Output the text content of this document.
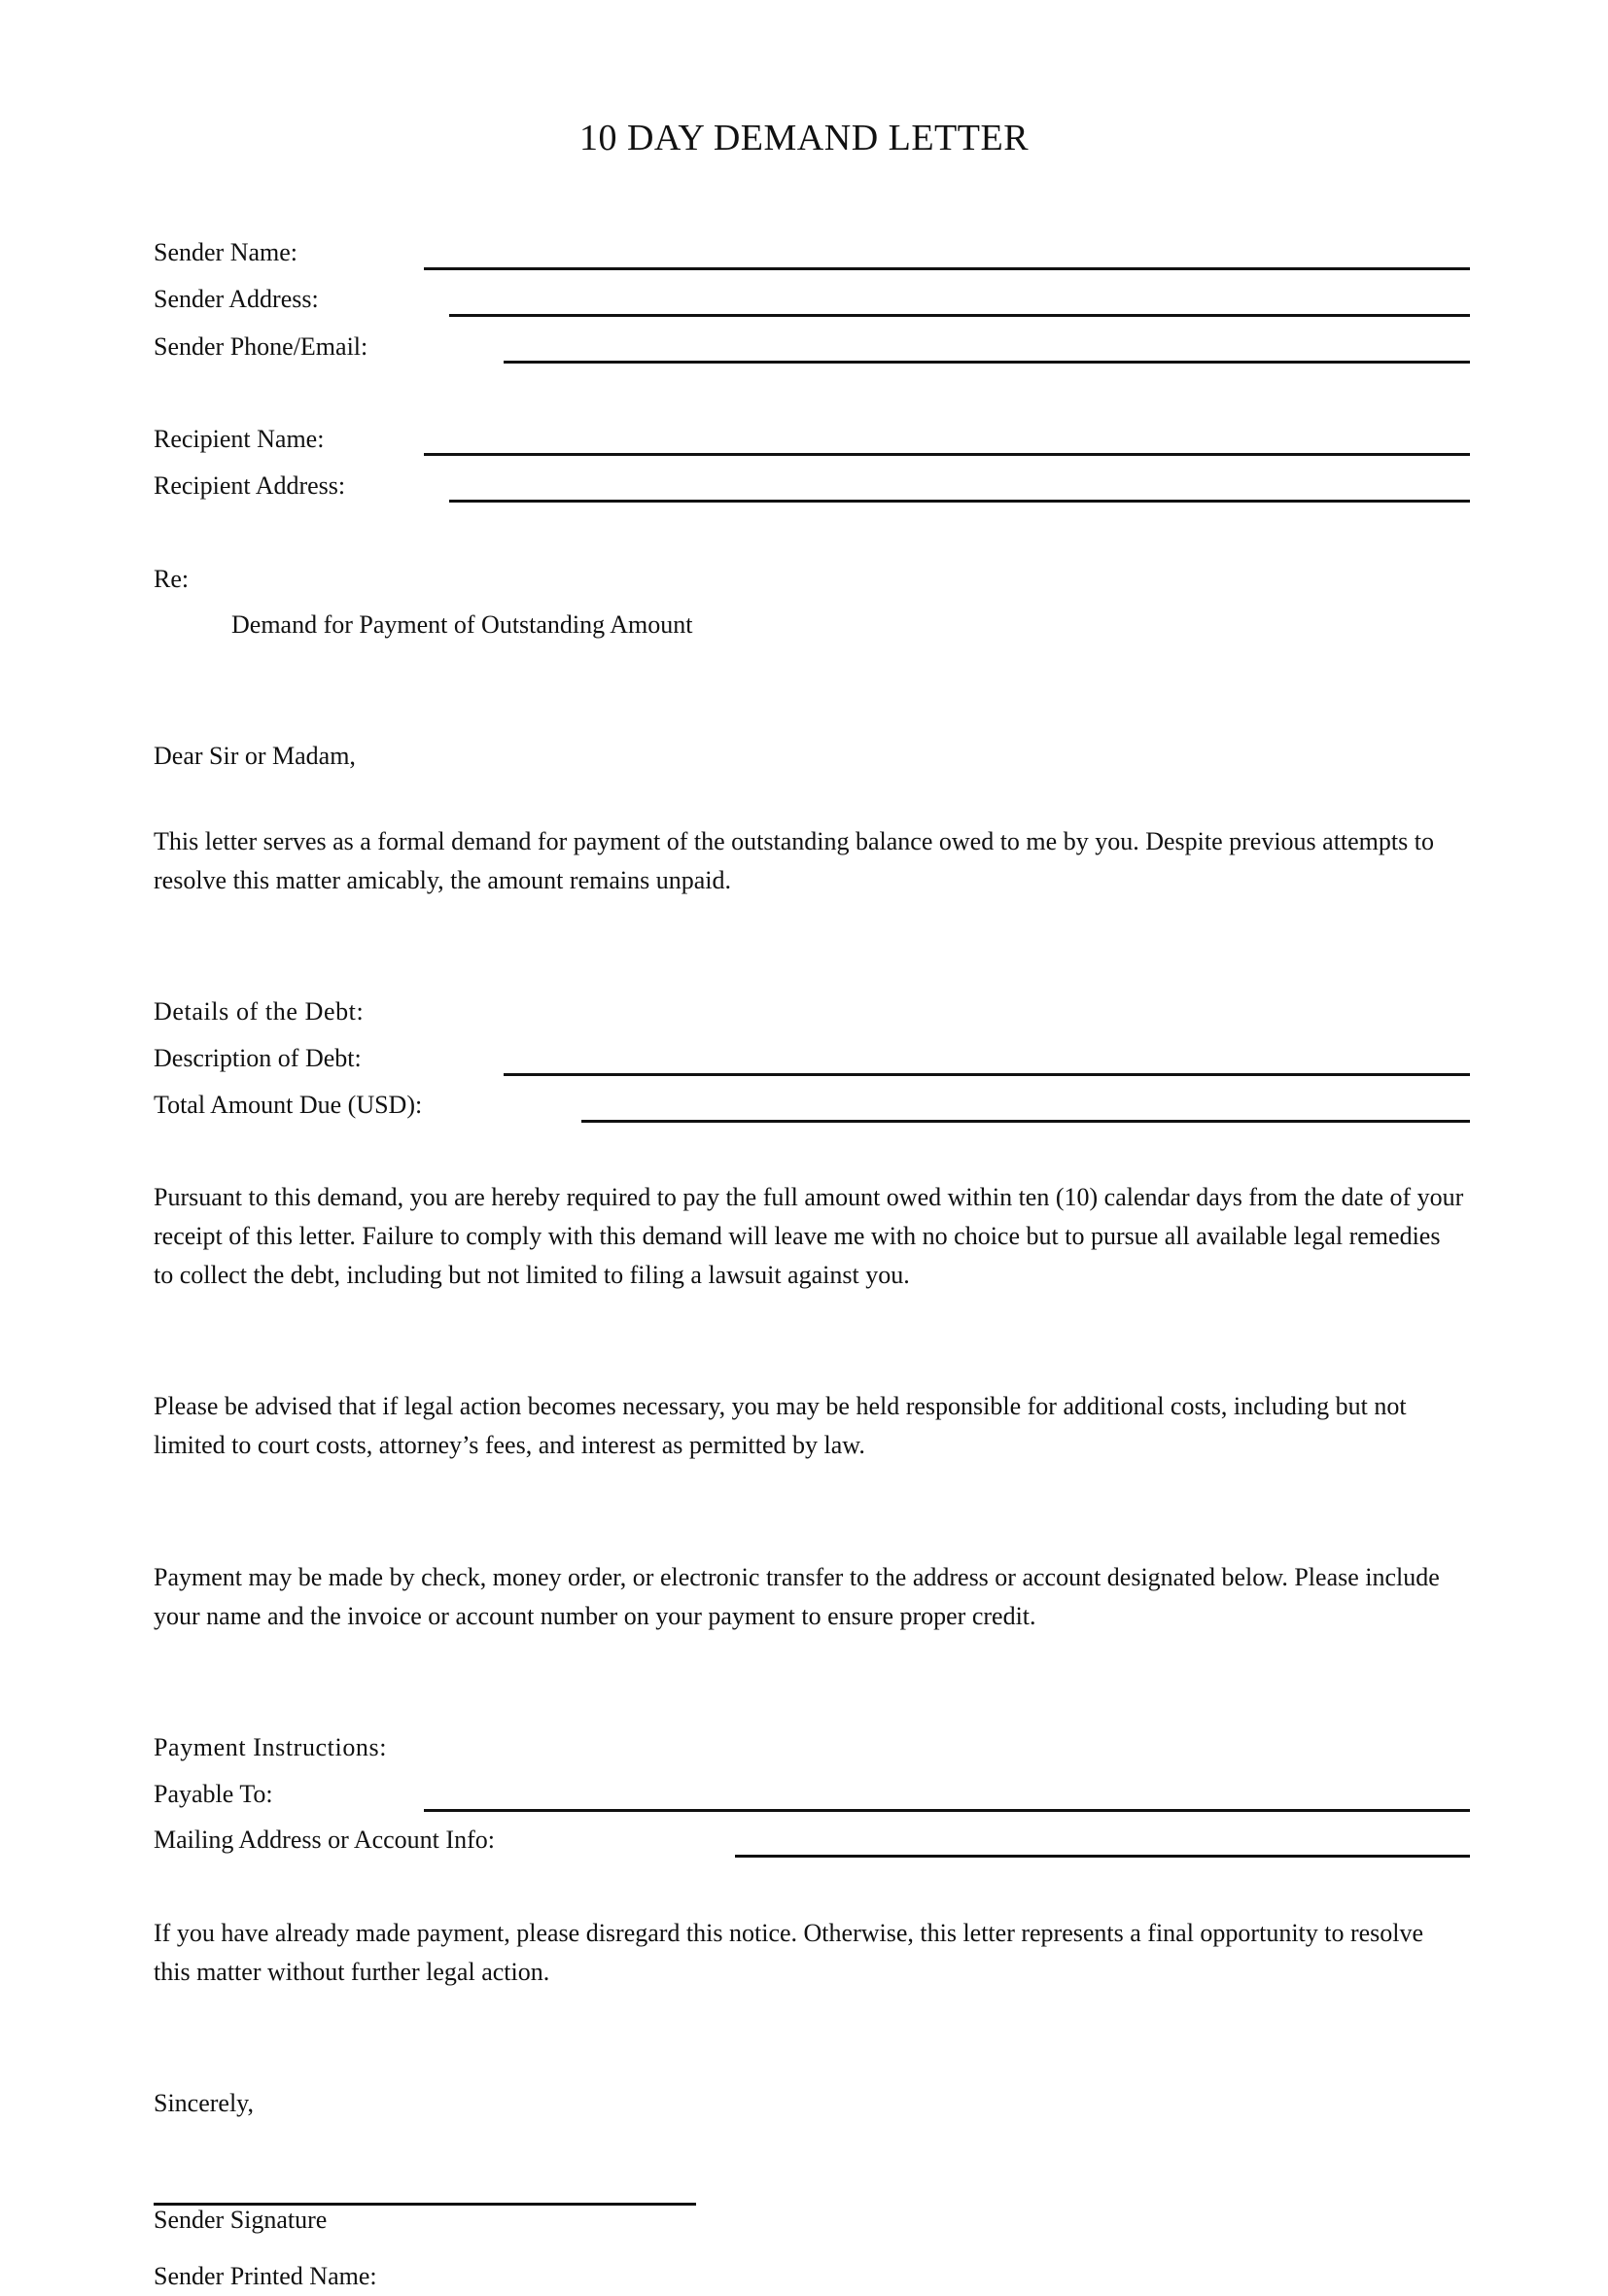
10 DAY DEMAND LETTER
Sender Name:
Sender Address:
Sender Phone/Email:
Recipient Name:
Recipient Address:
Re:
Demand for Payment of Outstanding Amount
Dear Sir or Madam,
This letter serves as a formal demand for payment of the outstanding balance owed to me by you. Despite previous attempts to resolve this matter amicably, the amount remains unpaid.
Details of the Debt:
Description of Debt:
Total Amount Due (USD):
Pursuant to this demand, you are hereby required to pay the full amount owed within ten (10) calendar days from the date of your receipt of this letter. Failure to comply with this demand will leave me with no choice but to pursue all available legal remedies to collect the debt, including but not limited to filing a lawsuit against you.
Please be advised that if legal action becomes necessary, you may be held responsible for additional costs, including but not limited to court costs, attorney’s fees, and interest as permitted by law.
Payment may be made by check, money order, or electronic transfer to the address or account designated below. Please include your name and the invoice or account number on your payment to ensure proper credit.
Payment Instructions:
Payable To:
Mailing Address or Account Info:
If you have already made payment, please disregard this notice. Otherwise, this letter represents a final opportunity to resolve this matter without further legal action.
Sincerely,
Sender Signature
Sender Printed Name:
